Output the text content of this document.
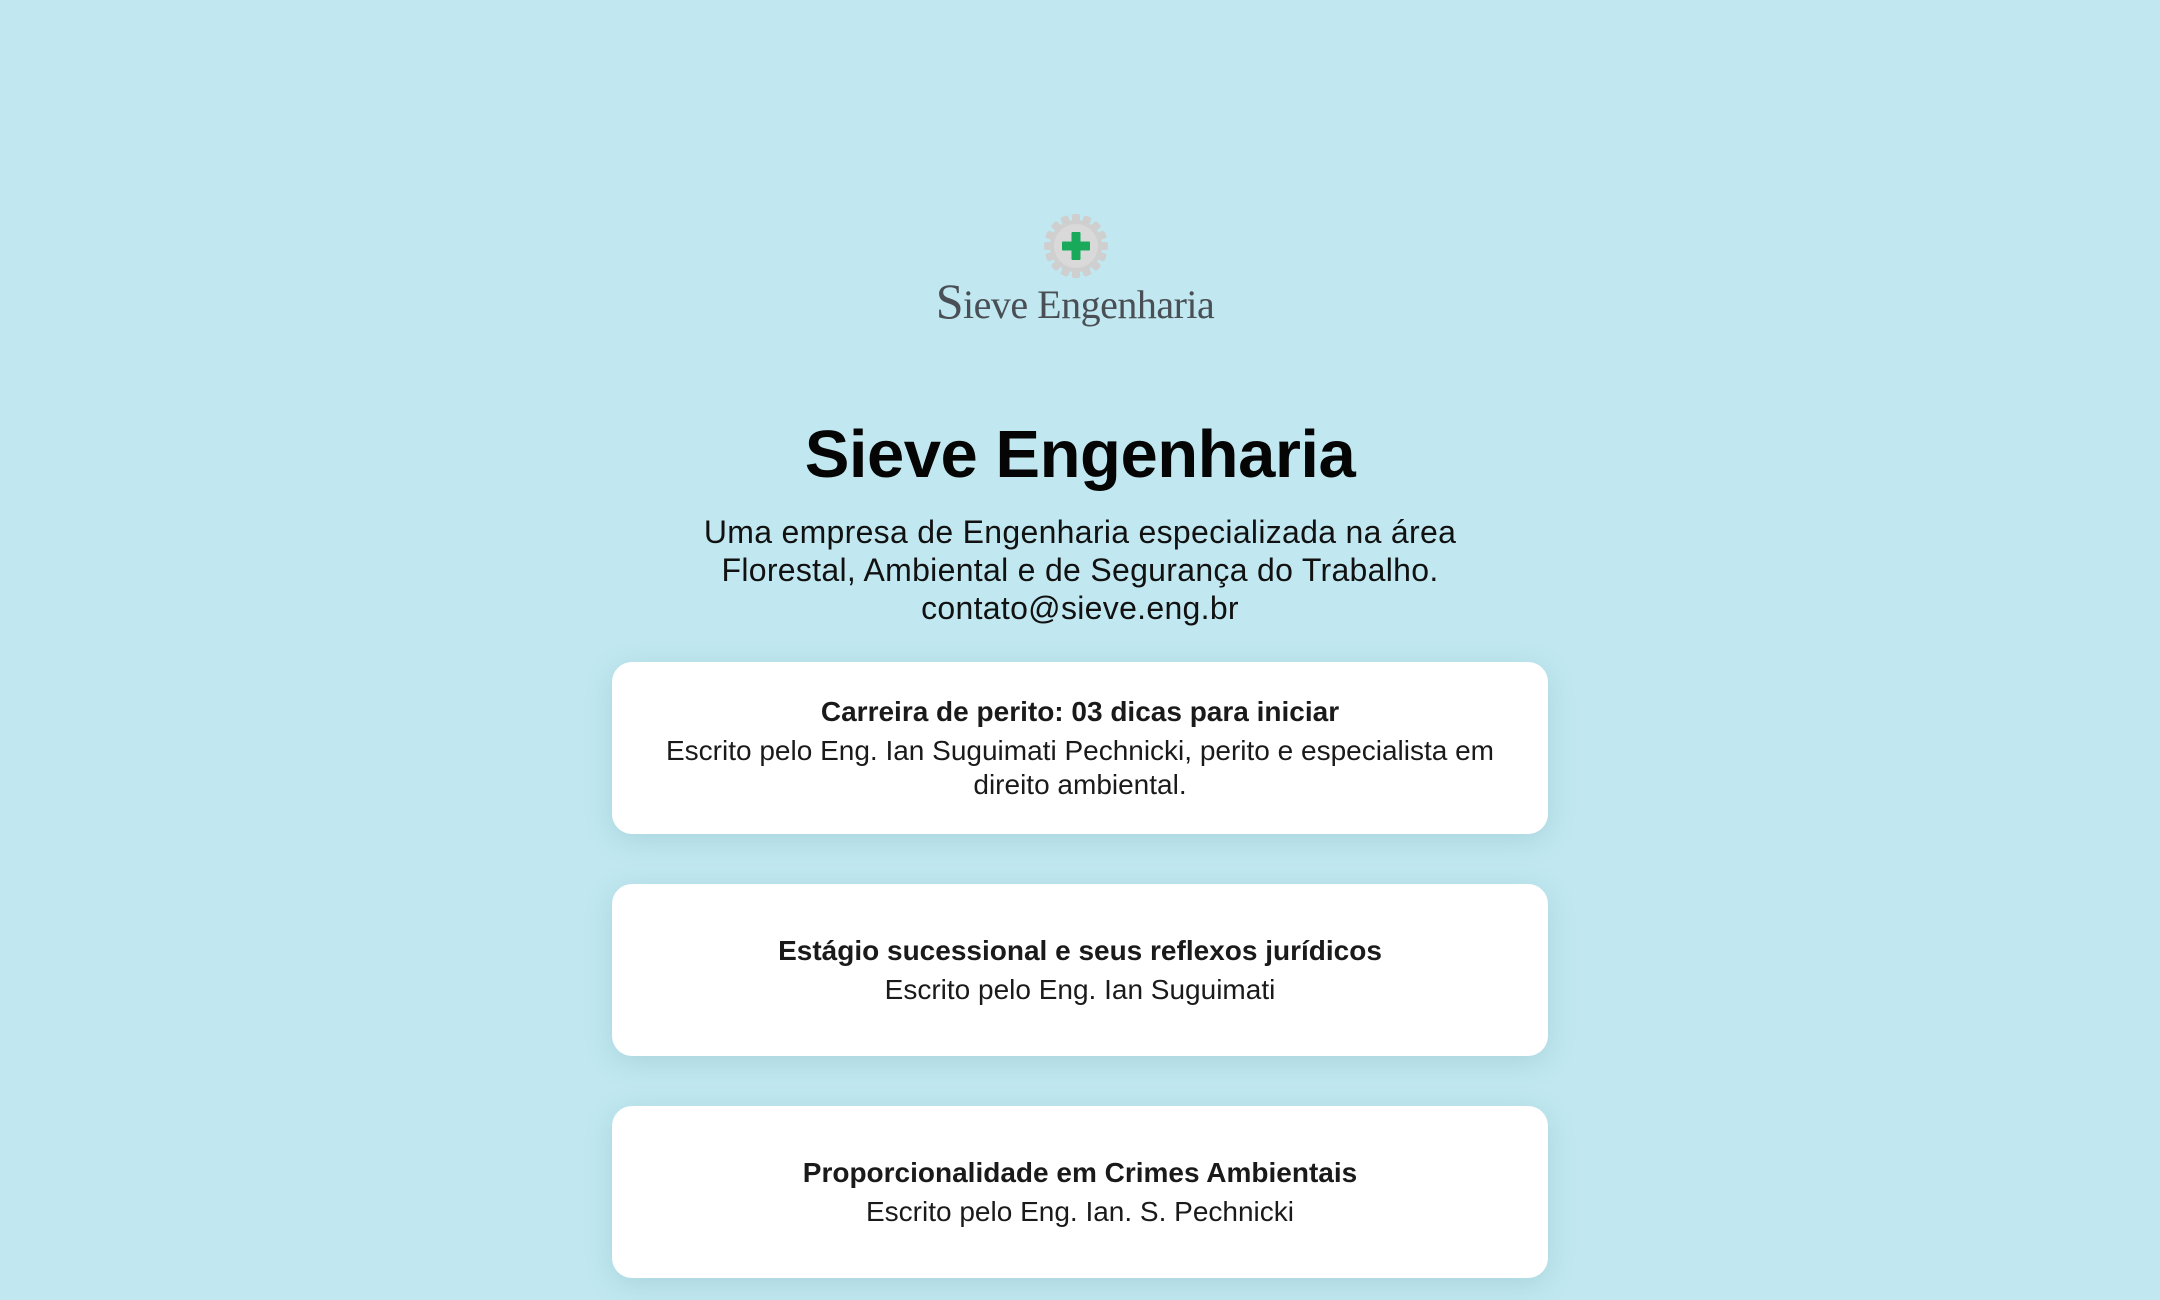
Sieve Engenharia
Sieve Engenharia
Uma empresa de Engenharia especializada na área
Florestal, Ambiental e de Segurança do Trabalho.
contato@sieve.eng.br
Carreira de perito: 03 dicas para iniciar
Escrito pelo Eng. Ian Suguimati Pechnicki, perito e especialista em direito ambiental.
Estágio sucessional e seus reflexos jurídicos
Escrito pelo Eng. Ian Suguimati
Proporcionalidade em Crimes Ambientais
Escrito pelo Eng. Ian. S. Pechnicki
